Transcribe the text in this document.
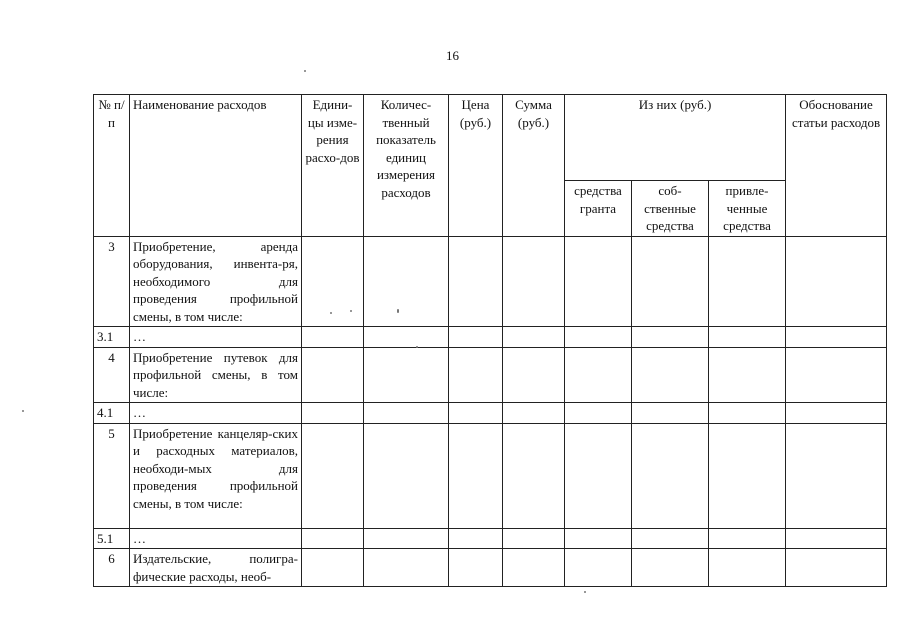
16
№ п/п	Наименование расходов	Едини-цы изме-рения расхо-дов	Количес-твенный показатель единиц измерения расходов	Цена (руб.)	Сумма (руб.)	Из них (руб.)			Обоснование статьи расходов
						средства гранта	соб-ственные средства	привле-ченные средства	
3	Приобретение, аренда оборудования, инвента-ря, необходимого для проведения профильной смены, в том числе:								
3.1	…								
4	Приобретение путевок для профильной смены, в том числе:								
4.1	…								
5	Приобретение канцеляр-ских и расходных материалов, необходи-мых для проведения профильной смены, в том числе:								
5.1	…								
6	Издательские, полигра-фические расходы, необ-								
